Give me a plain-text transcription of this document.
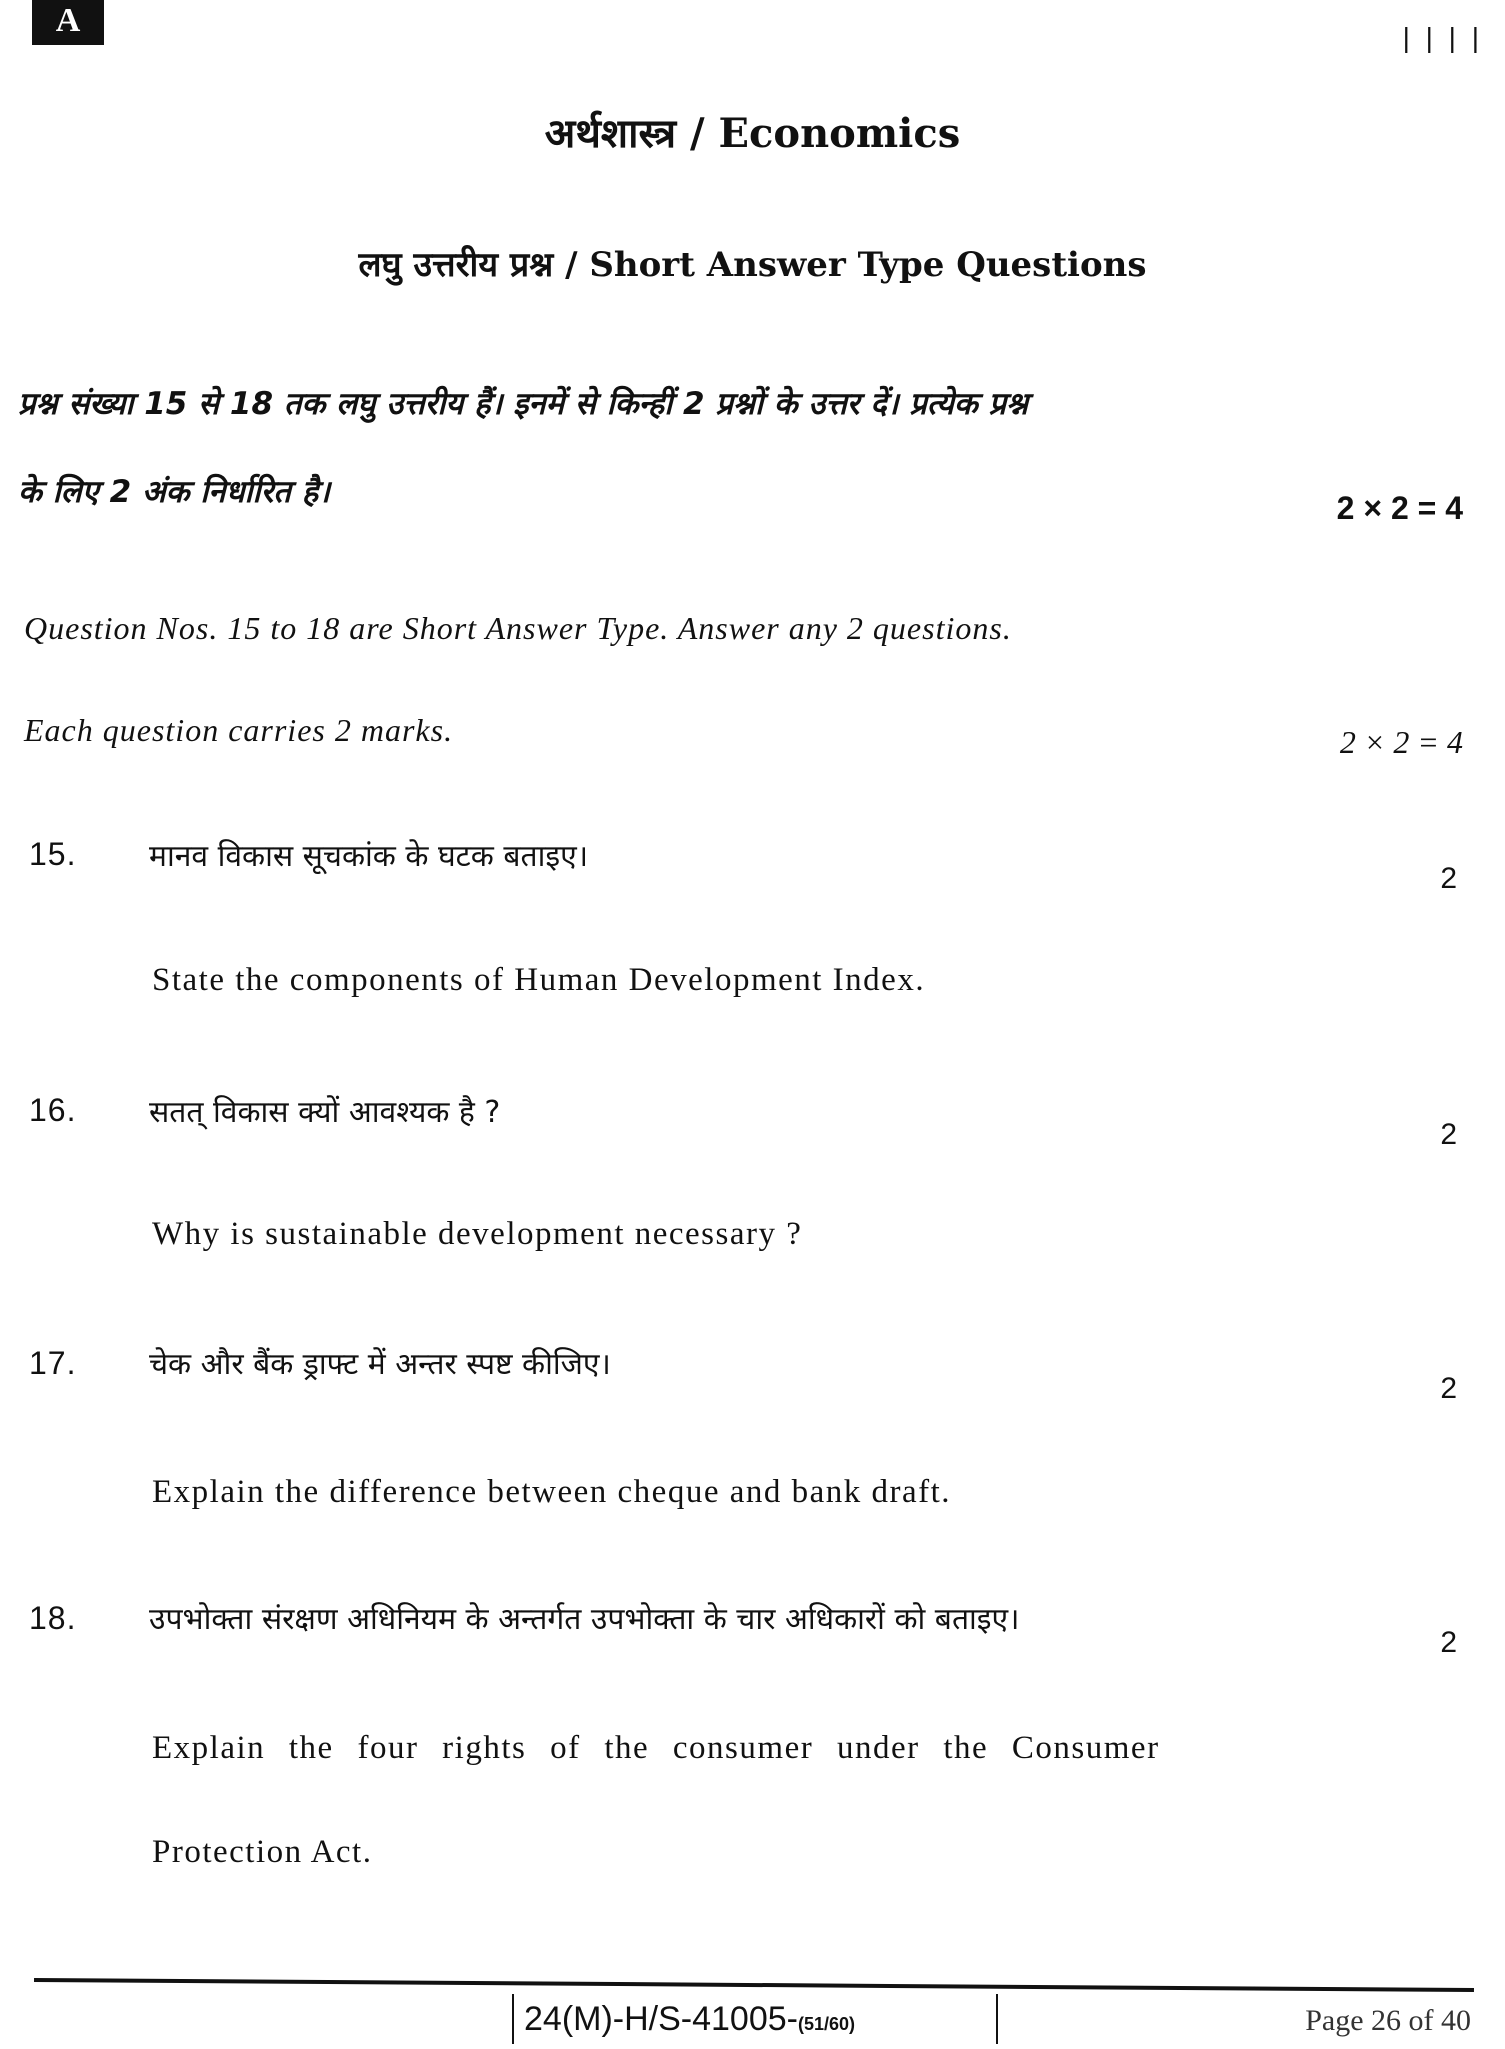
A	| | | |
अर्थशास्त्र / Economics
लघु उत्तरीय प्रश्न / Short Answer Type Questions
प्रश्न संख्या 15 से 18 तक लघु उत्तरीय हैं। इनमें से किन्हीं 2 प्रश्नों के उत्तर दें। प्रत्येक प्रश्न
के लिए 2 अंक निर्धारित है।	2 × 2 = 4
Question Nos. 15 to 18 are Short Answer Type. Answer any 2 questions.
Each question carries 2 marks.	2 × 2 = 4
15. मानव विकास सूचकांक के घटक बताइए।
2
State the components of Human Development Index.
16. सतत् विकास क्यों आवश्यक है ?
2
Why is sustainable development necessary ?
17. चेक और बैंक ड्राफ्ट में अन्तर स्पष्ट कीजिए।
2
Explain the difference between cheque and bank draft.
18. उपभोक्ता संरक्षण अधिनियम के अन्तर्गत उपभोक्ता के चार अधिकारों को बताइए।
2
Explain the four rights of the consumer under the Consumer
Protection Act.
24(M)-H/S-41005-(51/60)	Page 26 of 40
